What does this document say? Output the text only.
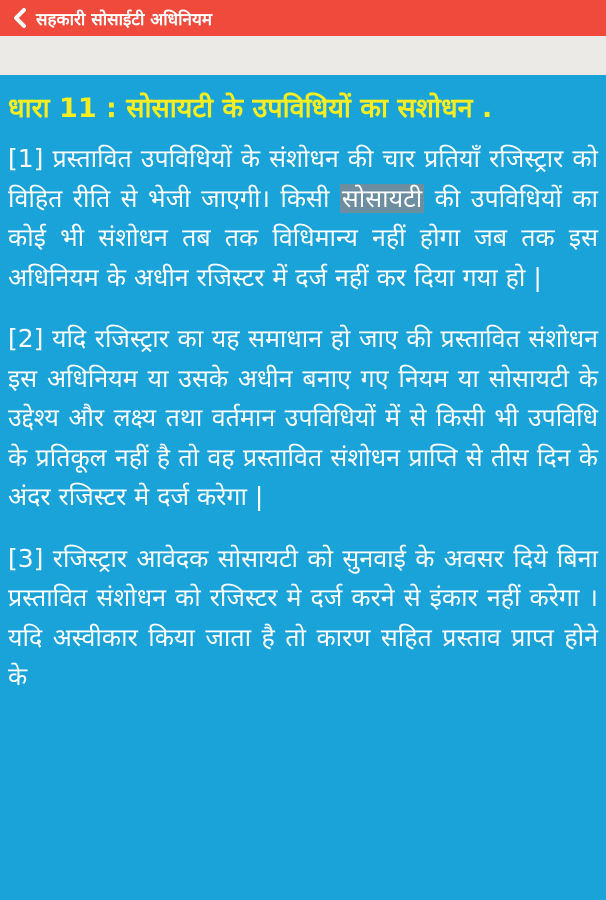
सहकारी सोसाईटी अधिनियम
धारा 11 : सोसायटी के उपविधियों का सशोधन .

[1] प्रस्तावित उपविधियों के संशोधन की चार प्रतियाँ रजिस्ट्रार को विहित रीति से भेजी जाएगी। किसी सोसायटी की उपविधियों का कोई भी संशोधन तब तक विधिमान्य नहीं होगा जब तक इस अधिनियम के अधीन रजिस्टर में दर्ज नहीं कर दिया गया हो |

[2] यदि रजिस्ट्रार का यह समाधान हो जाए की प्रस्तावित संशोधन इस अधिनियम या उसके अधीन बनाए गए नियम या सोसायटी के उद्देश्य और लक्ष्य तथा वर्तमान उपविधियों में से किसी भी उपविधि के प्रतिकूल नहीं है तो वह प्रस्तावित संशोधन प्राप्ति से तीस दिन के अंदर रजिस्टर मे दर्ज करेगा |

[3] रजिस्ट्रार आवेदक सोसायटी को सुनवाई के अवसर दिये बिना प्रस्तावित संशोधन को रजिस्टर मे दर्ज करने से इंकार नहीं करेगा । यदि अस्वीकार किया जाता है तो कारण सहित प्रस्ताव प्राप्त होने के
